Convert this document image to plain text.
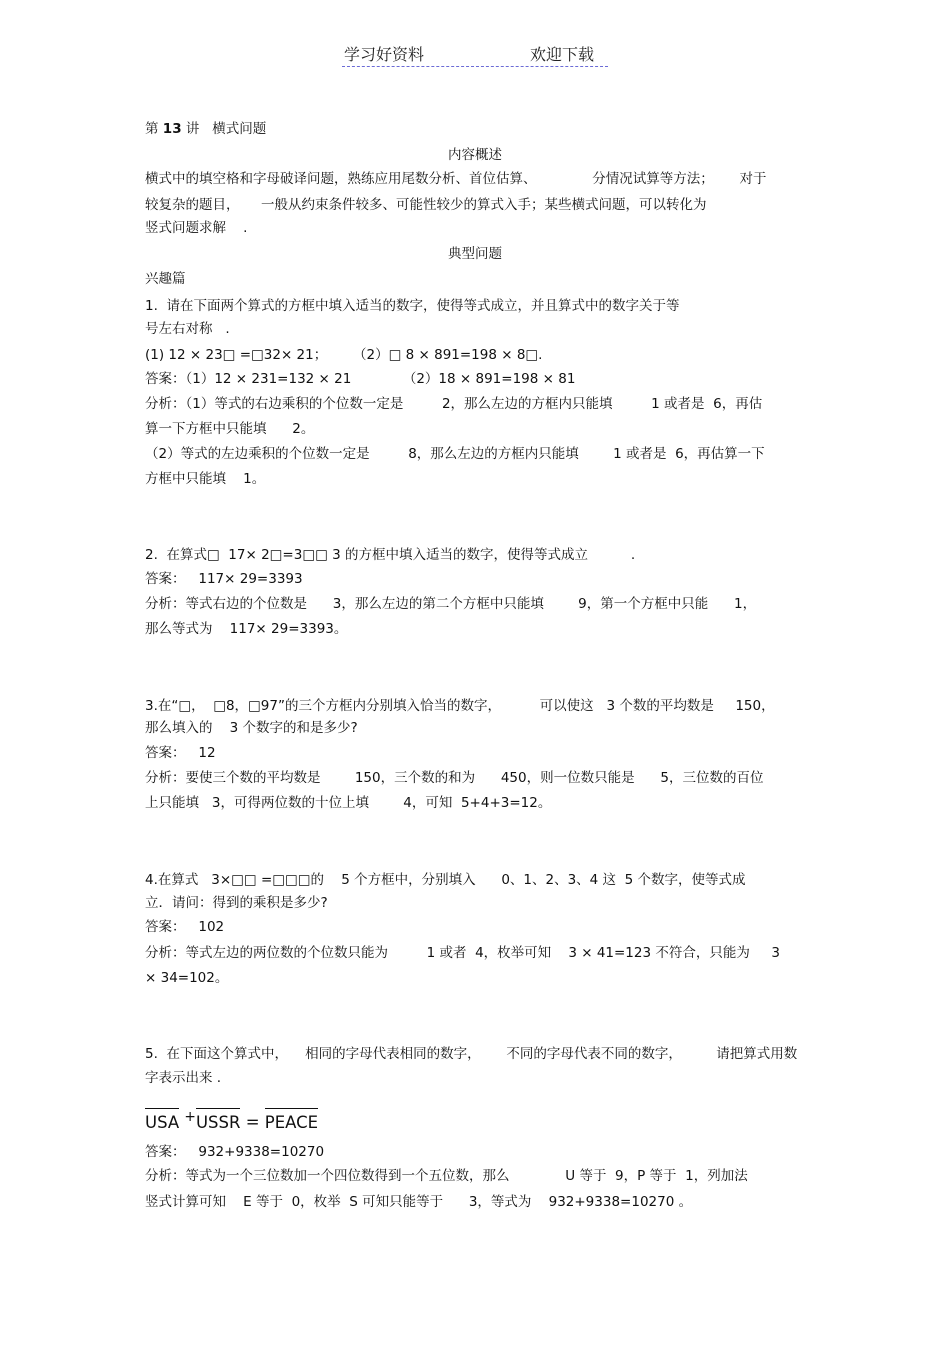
学习好资料	欢迎下载

第 13 讲   横式问题

内容概述

横式中的填空格和字母破译问题，熟练应用尾数分析、首位估算、             分情况试算等方法；      对于

较复杂的题目，     一般从约束条件较多、可能性较少的算式入手；某些横式问题，可以转化为

竖式问题求解    .

典型问题

兴趣篇

1.  请在下面两个算式的方框中填入适当的数字，使得等式成立，并且算式中的数字关于等

号左右对称   .

(1) 12 × 23□ =□32× 21；      （2）□ 8 × 891=198 × 8□.

答案：（1）12 × 231=132 × 21            （2）18 × 891=198 × 81

分析：（1）等式的右边乘积的个位数一定是         2，那么左边的方框内只能填         1 或者是  6，再估

算一下方框中只能填      2。

（2）等式的左边乘积的个位数一定是         8，那么左边的方框内只能填        1 或者是  6，再估算一下

方框中只能填    1。

2.  在算式□  17× 2□=3□□ 3 的方框中填入适当的数字，使得等式成立          .

答案：   117× 29=3393

分析：等式右边的个位数是      3，那么左边的第二个方框中只能填        9，第一个方框中只能      1，

那么等式为    117× 29=3393。

3.在“□，  □8，□97”的三个方框内分别填入恰当的数字，         可以使这   3 个数的平均数是     150，

那么填入的    3 个数字的和是多少?

答案：   12

分析：要使三个数的平均数是        150，三个数的和为      450，则一位数只能是      5，三位数的百位

上只能填   3，可得两位数的十位上填        4，可知  5+4+3=12。

4.在算式   3×□□ =□□□的    5 个方框中，分别填入      0、1、2、3、4 这  5 个数字，使等式成

立．请问：得到的乘积是多少?

答案：   102

分析：等式左边的两位数的个位数只能为         1 或者  4，枚举可知    3 × 41=123 不符合，只能为     3

× 34=102。

5.  在下面这个算式中，    相同的字母代表相同的数字，      不同的字母代表不同的数字，        请把算式用数

字表示出来 .

USA +USSR = PEACE

答案：   932+9338=10270

分析：等式为一个三位数加一个四位数得到一个五位数，那么             U 等于  9，P 等于  1，列加法

竖式计算可知    E 等于  0，枚举  S 可知只能等于      3，等式为    932+9338=10270 。
